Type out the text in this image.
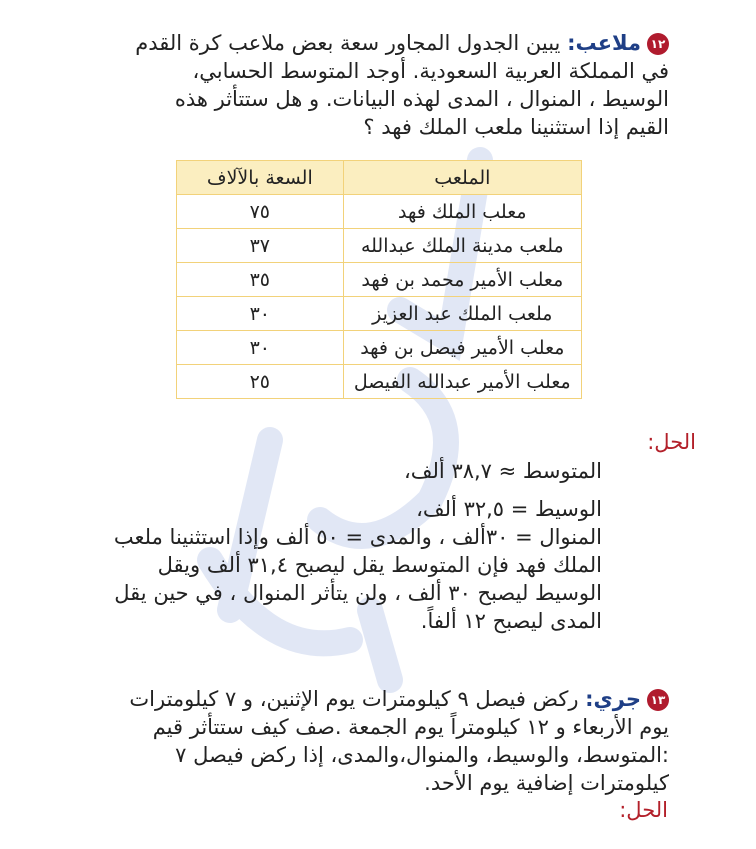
١٢ملاعب: يبين الجدول المجاور سعة بعض ملاعب كرة القدم
في المملكة العربية السعودية. أوجد المتوسط الحسابي،
الوسيط ، المنوال ، المدى لهذه البيانات. و هل ستتأثر هذه
القيم إذا استثنينا ملعب الملك فهد ؟
الملعب	السعة بالآلاف
معلب الملك فهد	٧٥
ملعب مدينة الملك عبدالله	٣٧
معلب الأمير محمد بن فهد	٣٥
ملعب الملك عبد العزيز	٣٠
معلب الأمير فيصل بن فهد	٣٠
معلب الأمير عبدالله الفيصل	٢٥
الحل:
المتوسط ≈ ٣٨,٧ ألف،
الوسيط = ٣٢,٥ ألف،
المنوال = ٣٠ألف ، والمدى = ٥٠ ألف وإذا استثنينا ملعب
الملك فهد فإن المتوسط يقل ليصبح ٣١,٤ ألف ويقل
الوسيط ليصبح ٣٠ ألف ، ولن يتأثر المنوال ، في حين يقل
المدى ليصبح ١٢ ألفاً.
١٣جري: ركض فيصل ٩ كيلومترات يوم الإثنين، و ٧ كيلومترات
يوم الأربعاء و ١٢ كيلومتراً يوم الجمعة .صف كيف ستتأثر قيم
:المتوسط، والوسيط، والمنوال،والمدى، إذا ركض فيصل ٧
كيلومترات إضافية يوم الأحد.
الحل:
